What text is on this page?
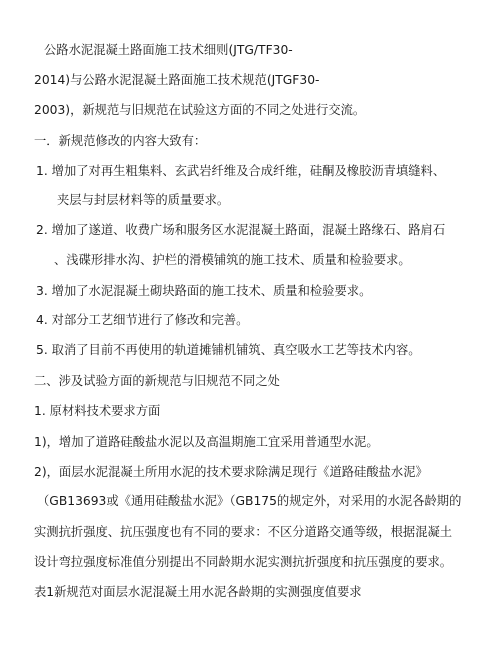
公路水泥混凝土路面施工技术细则(JTG/TF30-
2014)与公路水泥混凝土路面施工技术规范(JTGF30-
2003)，新规范与旧规范在试验这方面的不同之处进行交流。
一．新规范修改的内容大致有：
1. 增加了对再生粗集料、玄武岩纤维及合成纤维，硅酮及橡胶沥青填缝料、
夹层与封层材料等的质量要求。
2. 增加了遂道、收费广场和服务区水泥混凝土路面，混凝土路缘石、路肩石
、浅碟形排水沟、护栏的滑模铺筑的施工技术、质量和检验要求。
3. 增加了水泥混凝土砌块路面的施工技术、质量和检验要求。
4. 对部分工艺细节进行了修改和完善。
5. 取消了目前不再使用的轨道摊铺机铺筑、真空吸水工艺等技术内容。
二、涉及试验方面的新规范与旧规范不同之处
1. 原材料技术要求方面
1)，增加了道路硅酸盐水泥以及高温期施工宜采用普通型水泥。
2)，面层水泥混凝土所用水泥的技术要求除满足现行《道路硅酸盐水泥》
（GB13693或《通用硅酸盐水泥》（GB175的规定外，对采用的水泥各龄期的
实测抗折强度、抗压强度也有不同的要求：不区分道路交通等级，根据混凝土
设计弯拉强度标准值分别提出不同龄期水泥实测抗折强度和抗压强度的要求。
表1新规范对面层水泥混凝土用水泥各龄期的实测强度值要求
